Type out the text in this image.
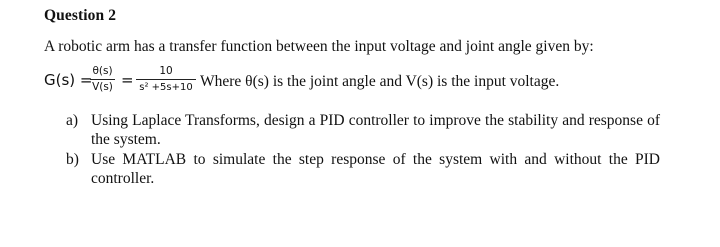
Question 2
A robotic arm has a transfer function between the input voltage and joint angle given by:
G(s) = θ(s)
V(s) = 10
s² +5s+10 Where θ(s) is the joint angle and V(s) is the input voltage.
a) Using Laplace Transforms, design a PID controller to improve the stability and response of the system.
b) Use MATLAB to simulate the step response of the system with and without the PID controller.
